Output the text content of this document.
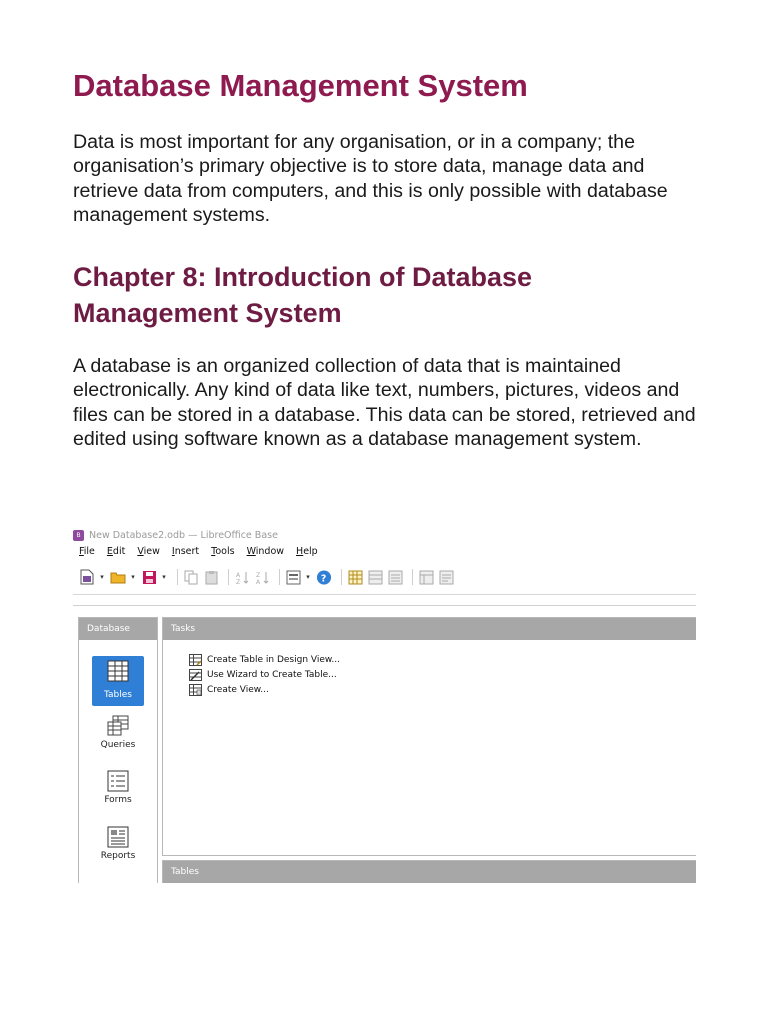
Database Management System

Data is most important for any organisation, or in a company; the organisation’s primary objective is to store data, manage data and retrieve data from computers, and this is only possible with database management systems.

Chapter 8: Introduction of Database Management System

A database is an organized collection of data that is maintained electronically. Any kind of data like text, numbers, pictures, videos and files can be stored in a database. This data can be stored, retrieved and edited using software known as a database management system.

B New Database2.odb — LibreOffice Base
File Edit View Insert Tools Window Help
▾	▾	▾	A
Z
Z
A
▾ ?
Database
Tables
Queries
Forms
Reports
Tasks
Create Table in Design View...
Use Wizard to Create Table...
Create View...
Tables
